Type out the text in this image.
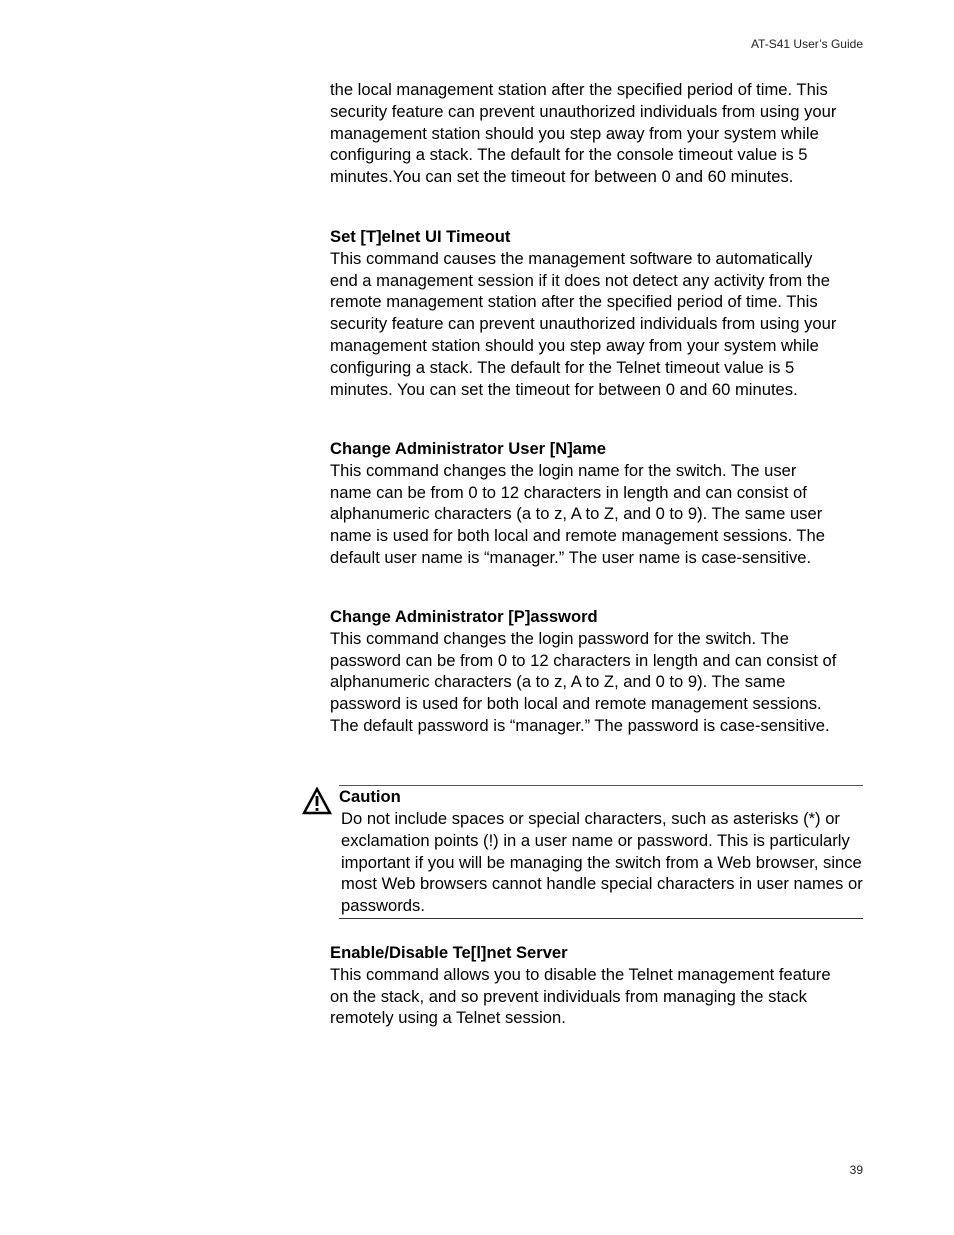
AT-S41 User’s Guide

the local management station after the specified period of time. This security feature can prevent unauthorized individuals from using your management station should you step away from your system while configuring a stack. The default for the console timeout value is 5 minutes.You can set the timeout for between 0 and 60 minutes.

Set [T]elnet UI Timeout

This command causes the management software to automatically end a management session if it does not detect any activity from the remote management station after the specified period of time. This security feature can prevent unauthorized individuals from using your management station should you step away from your system while configuring a stack. The default for the Telnet timeout value is 5 minutes. You can set the timeout for between 0 and 60 minutes.

Change Administrator User [N]ame

This command changes the login name for the switch. The user name can be from 0 to 12 characters in length and can consist of alphanumeric characters (a to z, A to Z, and 0 to 9). The same user name is used for both local and remote management sessions. The default user name is “manager.” The user name is case-sensitive.

Change Administrator [P]assword

This command changes the login password for the switch. The password can be from 0 to 12 characters in length and can consist of alphanumeric characters (a to z, A to Z, and 0 to 9). The same password is used for both local and remote management sessions. The default password is “manager.” The password is case-sensitive.

Caution
Do not include spaces or special characters, such as asterisks (*) or exclamation points (!) in a user name or password. This is particularly important if you will be managing the switch from a Web browser, since most Web browsers cannot handle special characters in user names or passwords.

Enable/Disable Te[l]net Server

This command allows you to disable the Telnet management feature on the stack, and so prevent individuals from managing the stack remotely using a Telnet session.

39
